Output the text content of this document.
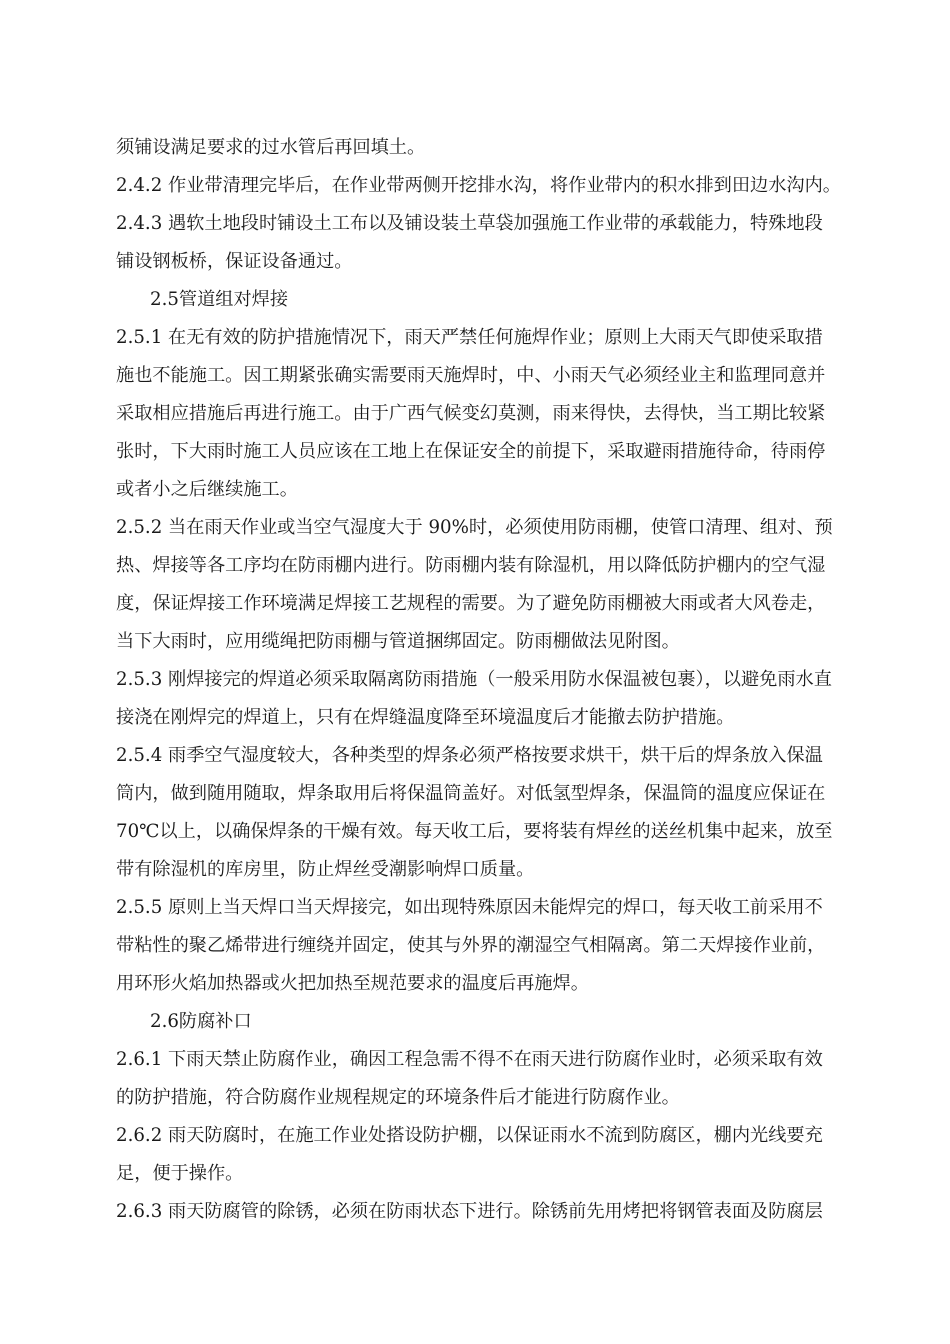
须铺设满足要求的过水管后再回填土。

2.4.2 作业带清理完毕后，在作业带两侧开挖排水沟，将作业带内的积水排到田边水沟内。

2.4.3 遇软土地段时铺设土工布以及铺设装土草袋加强施工作业带的承载能力，特殊地段

铺设钢板桥，保证设备通过。

2.5管道组对焊接

2.5.1 在无有效的防护措施情况下，雨天严禁任何施焊作业；原则上大雨天气即使采取措

施也不能施工。因工期紧张确实需要雨天施焊时，中、小雨天气必须经业主和监理同意并

采取相应措施后再进行施工。由于广西气候变幻莫测，雨来得快，去得快，当工期比较紧

张时，下大雨时施工人员应该在工地上在保证安全的前提下，采取避雨措施待命，待雨停

或者小之后继续施工。

2.5.2 当在雨天作业或当空气湿度大于 90%时，必须使用防雨棚，使管口清理、组对、预

热、焊接等各工序均在防雨棚内进行。防雨棚内装有除湿机，用以降低防护棚内的空气湿

度，保证焊接工作环境满足焊接工艺规程的需要。为了避免防雨棚被大雨或者大风卷走，

当下大雨时，应用缆绳把防雨棚与管道捆绑固定。防雨棚做法见附图。

2.5.3 刚焊接完的焊道必须采取隔离防雨措施（一般采用防水保温被包裹），以避免雨水直

接浇在刚焊完的焊道上，只有在焊缝温度降至环境温度后才能撤去防护措施。

2.5.4 雨季空气湿度较大，各种类型的焊条必须严格按要求烘干，烘干后的焊条放入保温

筒内，做到随用随取，焊条取用后将保温筒盖好。对低氢型焊条，保温筒的温度应保证在

70℃以上，以确保焊条的干燥有效。每天收工后，要将装有焊丝的送丝机集中起来，放至

带有除湿机的库房里，防止焊丝受潮影响焊口质量。

2.5.5 原则上当天焊口当天焊接完，如出现特殊原因未能焊完的焊口，每天收工前采用不

带粘性的聚乙烯带进行缠绕并固定，使其与外界的潮湿空气相隔离。第二天焊接作业前，

用环形火焰加热器或火把加热至规范要求的温度后再施焊。

2.6防腐补口

2.6.1 下雨天禁止防腐作业，确因工程急需不得不在雨天进行防腐作业时，必须采取有效

的防护措施，符合防腐作业规程规定的环境条件后才能进行防腐作业。

2.6.2 雨天防腐时，在施工作业处搭设防护棚，以保证雨水不流到防腐区，棚内光线要充

足，便于操作。

2.6.3 雨天防腐管的除锈，必须在防雨状态下进行。除锈前先用烤把将钢管表面及防腐层
